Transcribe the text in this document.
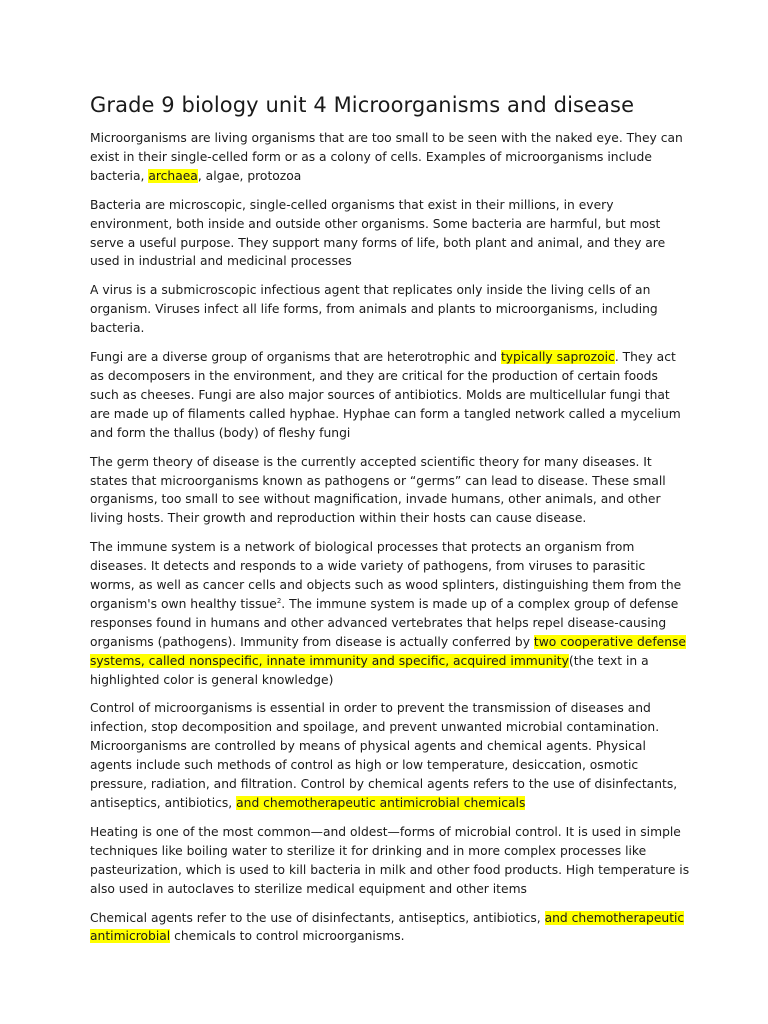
Grade 9 biology unit 4 Microorganisms and disease

Microorganisms are living organisms that are too small to be seen with the naked eye. They can exist in their single-celled form or as a colony of cells. Examples of microorganisms include bacteria, archaea, algae, protozoa

Bacteria are microscopic, single-celled organisms that exist in their millions, in every environment, both inside and outside other organisms. Some bacteria are harmful, but most serve a useful purpose. They support many forms of life, both plant and animal, and they are used in industrial and medicinal processes

A virus is a submicroscopic infectious agent that replicates only inside the living cells of an organism. Viruses infect all life forms, from animals and plants to microorganisms, including bacteria.

Fungi are a diverse group of organisms that are heterotrophic and typically saprozoic. They act as decomposers in the environment, and they are critical for the production of certain foods such as cheeses. Fungi are also major sources of antibiotics. Molds are multicellular fungi that are made up of filaments called hyphae. Hyphae can form a tangled network called a mycelium and form the thallus (body) of fleshy fungi

The germ theory of disease is the currently accepted scientific theory for many diseases. It states that microorganisms known as pathogens or “germs” can lead to disease. These small organisms, too small to see without magnification, invade humans, other animals, and other living hosts. Their growth and reproduction within their hosts can cause disease.

The immune system is a network of biological processes that protects an organism from diseases. It detects and responds to a wide variety of pathogens, from viruses to parasitic worms, as well as cancer cells and objects such as wood splinters, distinguishing them from the organism's own healthy tissue$^2$. The immune system is made up of a complex group of defense responses found in humans and other advanced vertebrates that helps repel disease-causing organisms (pathogens). Immunity from disease is actually conferred by two cooperative defense systems, called nonspecific, innate immunity and specific, acquired immunity(the text in a highlighted color is general knowledge)

Control of microorganisms is essential in order to prevent the transmission of diseases and infection, stop decomposition and spoilage, and prevent unwanted microbial contamination. Microorganisms are controlled by means of physical agents and chemical agents. Physical agents include such methods of control as high or low temperature, desiccation, osmotic pressure, radiation, and filtration. Control by chemical agents refers to the use of disinfectants, antiseptics, antibiotics, and chemotherapeutic antimicrobial chemicals

Heating is one of the most common—and oldest—forms of microbial control. It is used in simple techniques like boiling water to sterilize it for drinking and in more complex processes like pasteurization, which is used to kill bacteria in milk and other food products. High temperature is also used in autoclaves to sterilize medical equipment and other items

Chemical agents refer to the use of disinfectants, antiseptics, antibiotics, and chemotherapeutic antimicrobial chemicals to control microorganisms.
